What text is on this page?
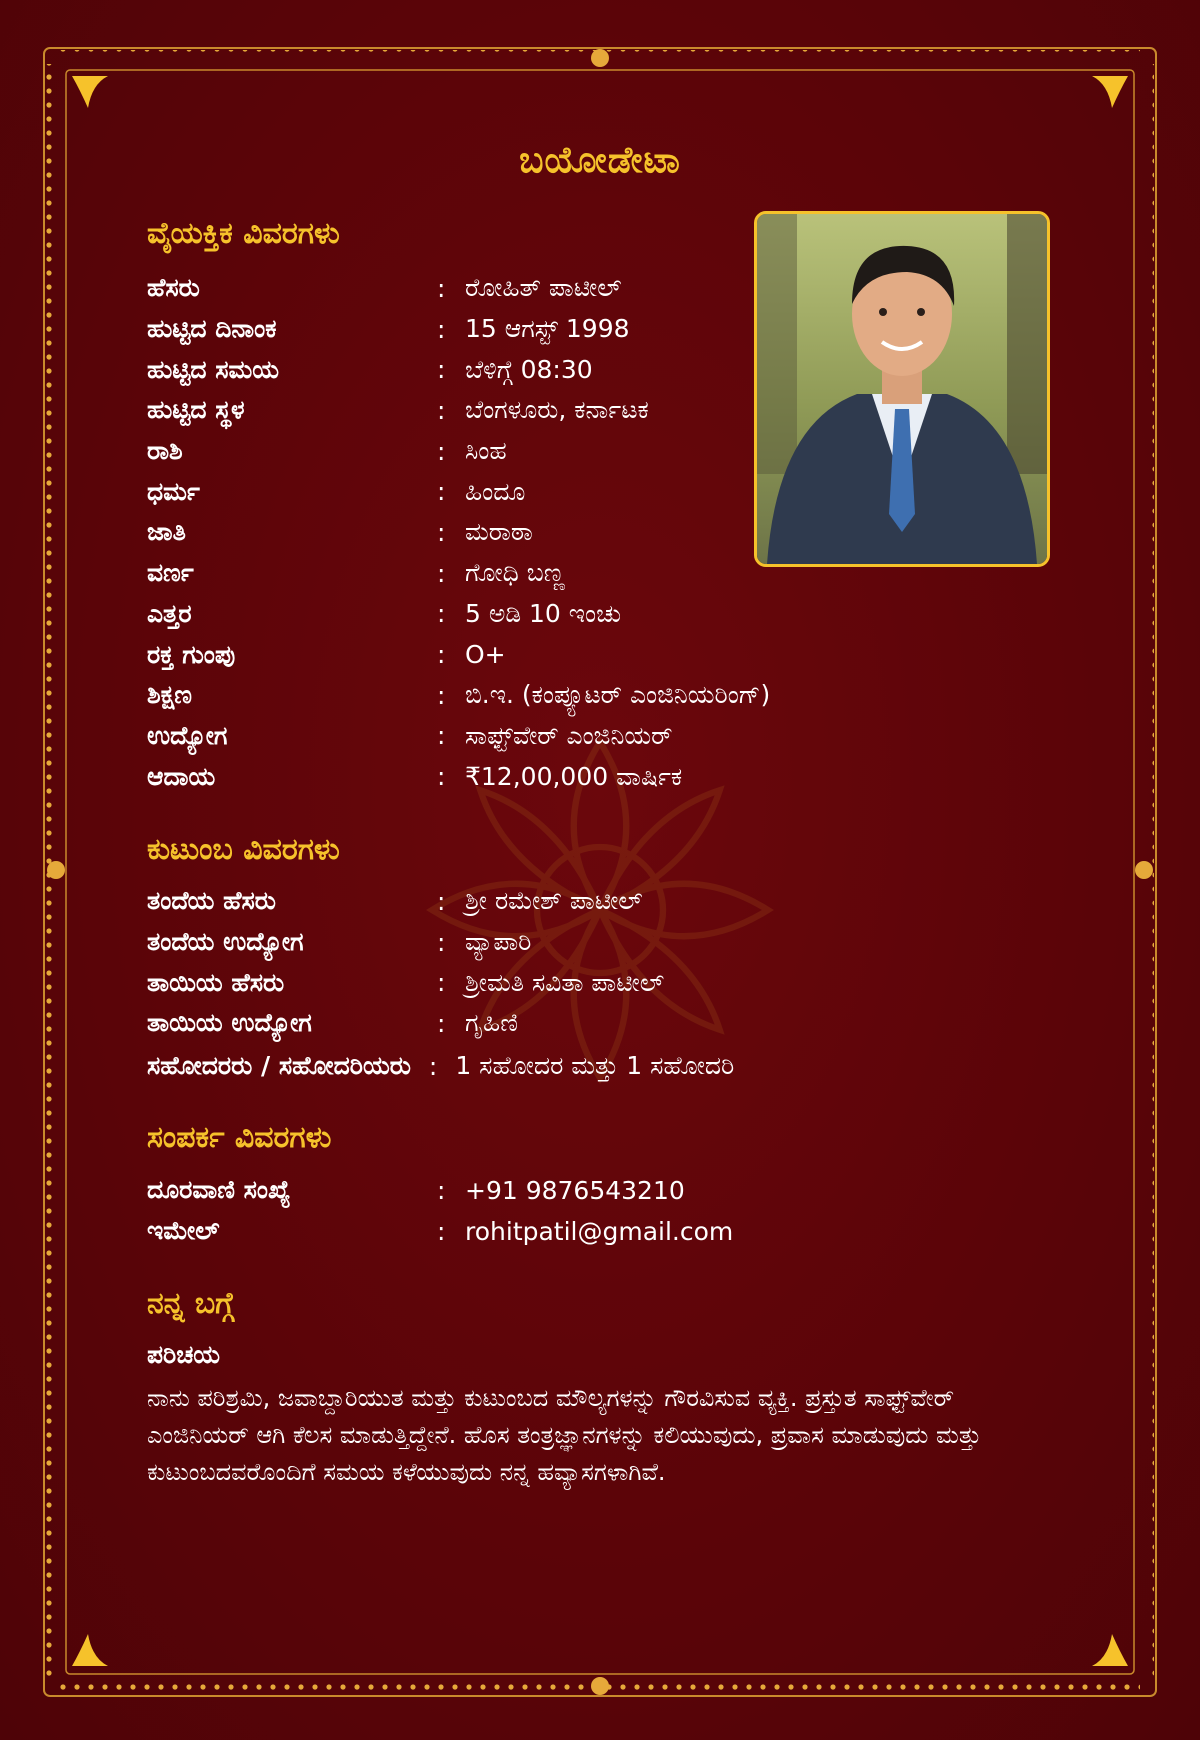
ಬಯೋಡೇಟಾ
ವೈಯಕ್ತಿಕ ವಿವರಗಳು
ಹೆಸರು	: ರೋಹಿತ್ ಪಾಟೀಲ್
ಹುಟ್ಟಿದ ದಿನಾಂಕ	: 15 ಆಗಸ್ಟ್ 1998
ಹುಟ್ಟಿದ ಸಮಯ	: ಬೆಳಿಗ್ಗೆ 08:30
ಹುಟ್ಟಿದ ಸ್ಥಳ	: ಬೆಂಗಳೂರು, ಕರ್ನಾಟಕ
ರಾಶಿ	: ಸಿಂಹ
ಧರ್ಮ	: ಹಿಂದೂ
ಜಾತಿ	: ಮರಾಠಾ
ವರ್ಣ	: ಗೋಧಿ ಬಣ್ಣ
ಎತ್ತರ	: 5 ಅಡಿ 10 ಇಂಚು
ರಕ್ತ ಗುಂಪು	: O+
ಶಿಕ್ಷಣ	: ಬಿ.ಇ. (ಕಂಪ್ಯೂಟರ್ ಎಂಜಿನಿಯರಿಂಗ್)
ಉದ್ಯೋಗ	: ಸಾಫ್ಟ್‌ವೇರ್ ಎಂಜಿನಿಯರ್
ಆದಾಯ	: ₹12,00,000 ವಾರ್ಷಿಕ
ಕುಟುಂಬ ವಿವರಗಳು
ತಂದೆಯ ಹೆಸರು	: ಶ್ರೀ ರಮೇಶ್ ಪಾಟೀಲ್
ತಂದೆಯ ಉದ್ಯೋಗ	: ವ್ಯಾಪಾರಿ
ತಾಯಿಯ ಹೆಸರು	: ಶ್ರೀಮತಿ ಸವಿತಾ ಪಾಟೀಲ್
ತಾಯಿಯ ಉದ್ಯೋಗ	: ಗೃಹಿಣಿ
ಸಹೋದರರು / ಸಹೋದರಿಯರು : 1 ಸಹೋದರ ಮತ್ತು 1 ಸಹೋದರಿ
ಸಂಪರ್ಕ ವಿವರಗಳು
ದೂರವಾಣಿ ಸಂಖ್ಯೆ	: +91 9876543210
ಇಮೇಲ್	: rohitpatil@gmail.com
ನನ್ನ ಬಗ್ಗೆ
ಪರಿಚಯ
ನಾನು ಪರಿಶ್ರಮಿ, ಜವಾಬ್ದಾರಿಯುತ ಮತ್ತು ಕುಟುಂಬದ ಮೌಲ್ಯಗಳನ್ನು ಗೌರವಿಸುವ ವ್ಯಕ್ತಿ. ಪ್ರಸ್ತುತ ಸಾಫ್ಟ್‌ವೇರ್ ಎಂಜಿನಿಯರ್ ಆಗಿ ಕೆಲಸ ಮಾಡುತ್ತಿದ್ದೇನೆ. ಹೊಸ ತಂತ್ರಜ್ಞಾನಗಳನ್ನು ಕಲಿಯುವುದು, ಪ್ರವಾಸ ಮಾಡುವುದು ಮತ್ತು ಕುಟುಂಬದವರೊಂದಿಗೆ ಸಮಯ ಕಳೆಯುವುದು ನನ್ನ ಹವ್ಯಾಸಗಳಾಗಿವೆ.
